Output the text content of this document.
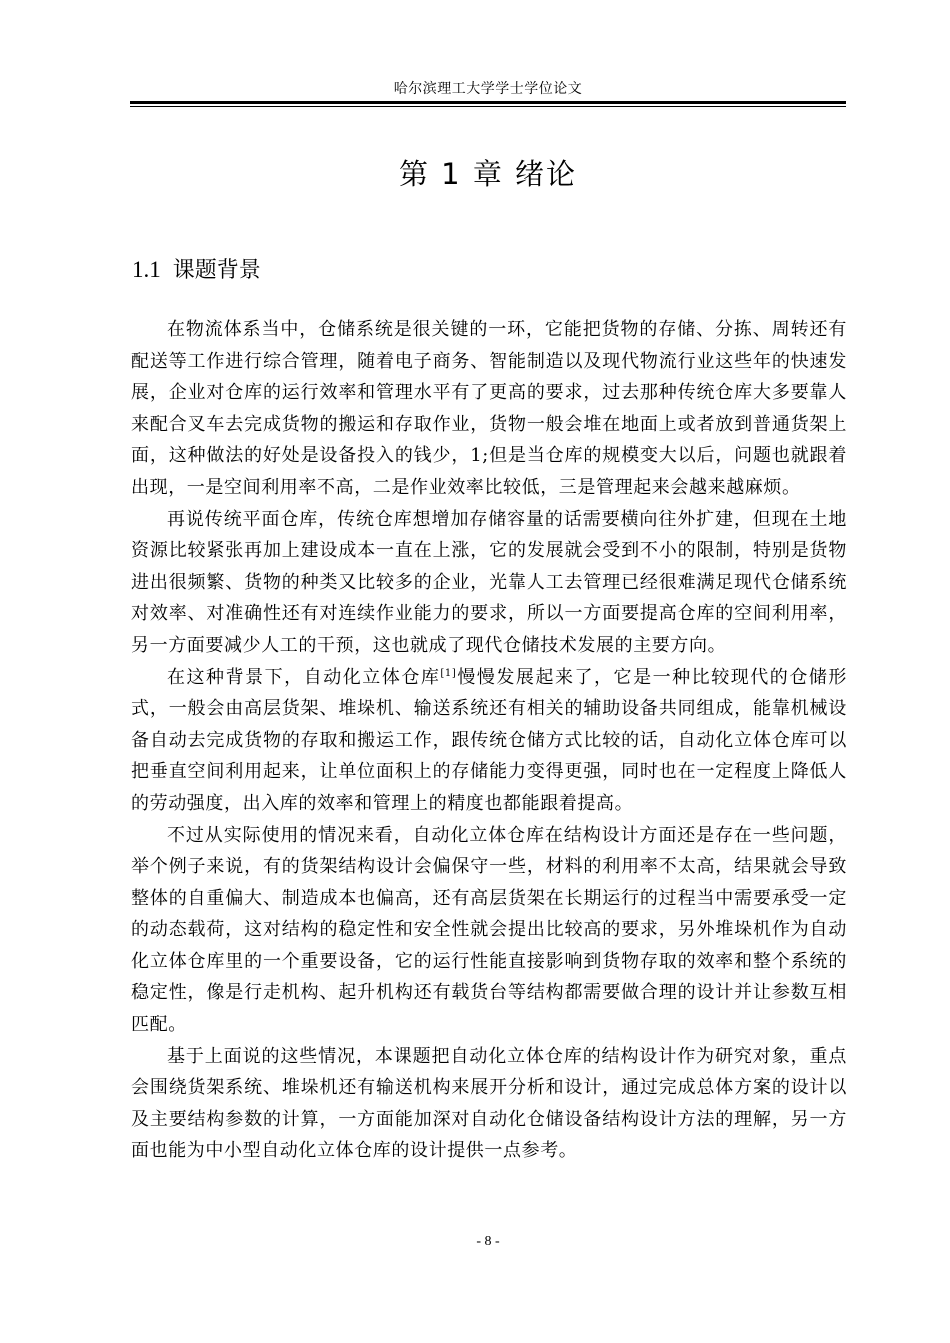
哈尔滨理工大学学士学位论文
第 1 章 绪论
1.1 课题背景

在物流体系当中，仓储系统是很关键的一环，它能把货物的存储、分拣、周转还有配送等工作进行综合管理，随着电子商务、智能制造以及现代物流行业这些年的快速发展，企业对仓库的运行效率和管理水平有了更高的要求，过去那种传统仓库大多要靠人来配合叉车去完成货物的搬运和存取作业，货物一般会堆在地面上或者放到普通货架上面，这种做法的好处是设备投入的钱少，1;但是当仓库的规模变大以后，问题也就跟着出现，一是空间利用率不高，二是作业效率比较低，三是管理起来会越来越麻烦。

再说传统平面仓库，传统仓库想增加存储容量的话需要横向往外扩建，但现在土地资源比较紧张再加上建设成本一直在上涨，它的发展就会受到不小的限制，特别是货物进出很频繁、货物的种类又比较多的企业，光靠人工去管理已经很难满足现代仓储系统对效率、对准确性还有对连续作业能力的要求，所以一方面要提高仓库的空间利用率，另一方面要减少人工的干预，这也就成了现代仓储技术发展的主要方向。

在这种背景下，自动化立体仓库[1]慢慢发展起来了，它是一种比较现代的仓储形式，一般会由高层货架、堆垛机、输送系统还有相关的辅助设备共同组成，能靠机械设备自动去完成货物的存取和搬运工作，跟传统仓储方式比较的话，自动化立体仓库可以把垂直空间利用起来，让单位面积上的存储能力变得更强，同时也在一定程度上降低人的劳动强度，出入库的效率和管理上的精度也都能跟着提高。

不过从实际使用的情况来看，自动化立体仓库在结构设计方面还是存在一些问题，举个例子来说，有的货架结构设计会偏保守一些，材料的利用率不太高，结果就会导致整体的自重偏大、制造成本也偏高，还有高层货架在长期运行的过程当中需要承受一定的动态载荷，这对结构的稳定性和安全性就会提出比较高的要求，另外堆垛机作为自动化立体仓库里的一个重要设备，它的运行性能直接影响到货物存取的效率和整个系统的稳定性，像是行走机构、起升机构还有载货台等结构都需要做合理的设计并让参数互相匹配。

基于上面说的这些情况，本课题把自动化立体仓库的结构设计作为研究对象，重点会围绕货架系统、堆垛机还有输送机构来展开分析和设计，通过完成总体方案的设计以及主要结构参数的计算，一方面能加深对自动化仓储设备结构设计方法的理解，另一方面也能为中小型自动化立体仓库的设计提供一点参考。

- 8 -
